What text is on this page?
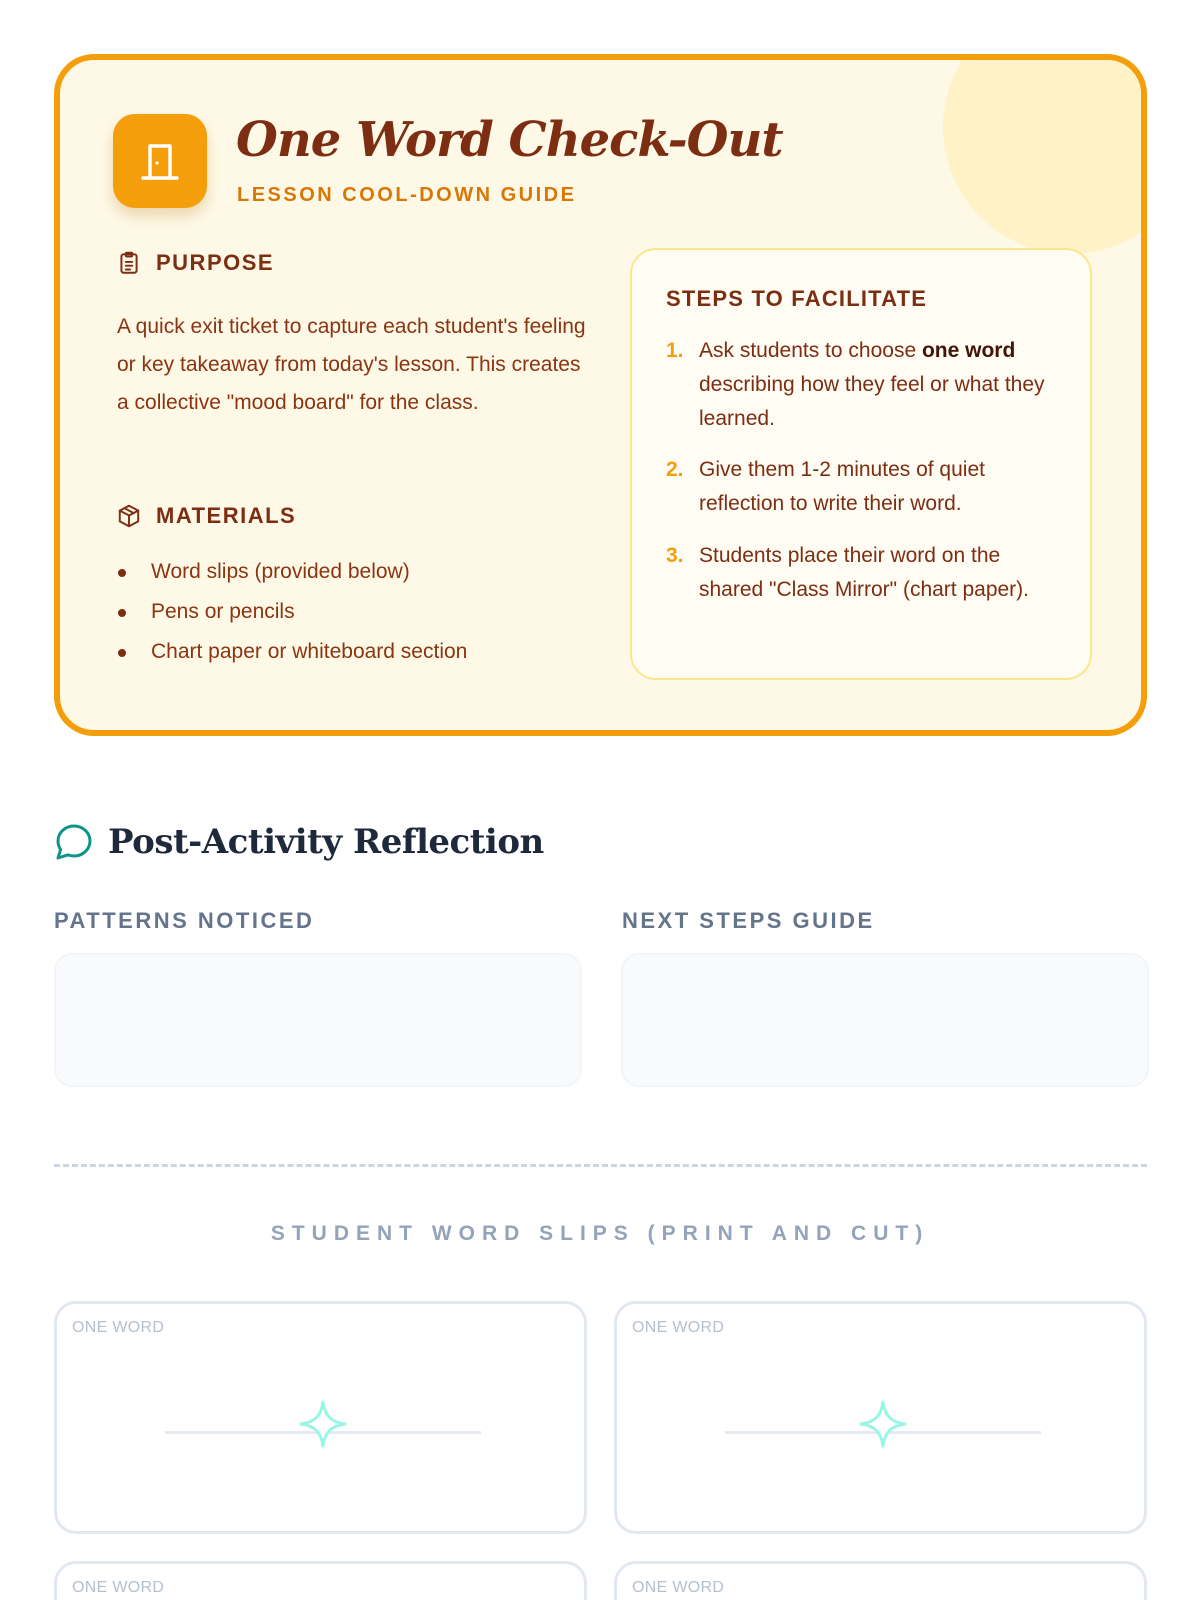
One Word Check-Out
LESSON COOL-DOWN GUIDE
PURPOSE

A quick exit ticket to capture each student's feeling or key takeaway from today's lesson. This creates a collective "mood board" for the class.

MATERIALS
Word slips (provided below)
Pens or pencils
Chart paper or whiteboard section
STEPS TO FACILITATE
1. Ask students to choose one word describing how they feel or what they learned.
2. Give them 1-2 minutes of quiet reflection to write their word.
3. Students place their word on the shared "Class Mirror" (chart paper).
Post-Activity Reflection
PATTERNS NOTICED	NEXT STEPS GUIDE
STUDENT WORD SLIPS (PRINT AND CUT)
ONE WORD	ONE WORD
ONE WORD	ONE WORD
